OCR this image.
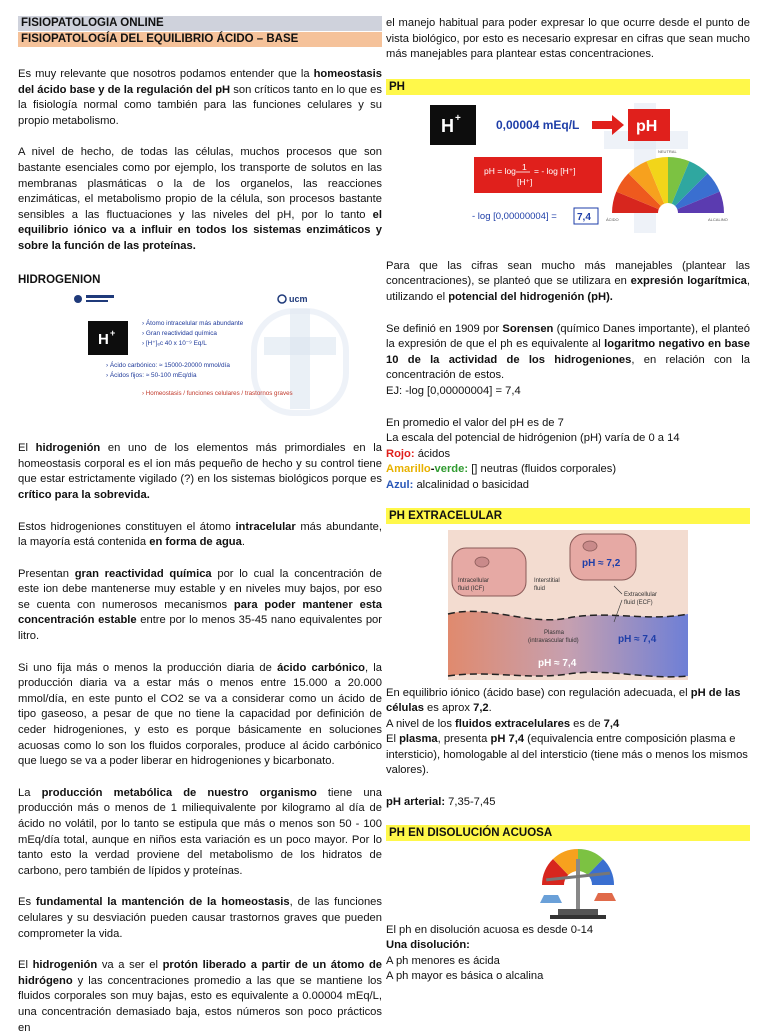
FISIOPATOLOGIA ONLINE
FISIOPATOLOGÍA DEL EQUILIBRIO ÁCIDO – BASE

Es muy relevante que nosotros podamos entender que la homeostasis del ácido base y de la regulación del pH son críticos tanto en lo que es la fisiología normal como también para las funciones celulares y su propio metabolismo.

A nivel de hecho, de todas las células, muchos procesos que son bastante esenciales como por ejemplo, los transporte de solutos en las membranas plasmáticas o la de los organelos, las reacciones enzimáticas, el metabolismo propio de la célula, son procesos bastante sensibles a las fluctuaciones y las niveles del pH, por lo tanto el equilibrio iónico va a influir en todos los sistemas enzimáticos y sobre la función de las proteínas.

HIDROGENION
ucm
H +
› Átomo intracelular más abundante
› Gran reactividad química
› [H⁺]ₑc 40 x 10⁻⁹ Eq/L
› Ácido carbónico: ≈ 15000-20000 mmol/día
› Ácidos fijos: ≈ 50-100 mEq/día
› Homeostasis / funciones celulares / trastornos graves

El hidrogenión en uno de los elementos más primordiales en la homeostasis corporal es el ion más pequeño de hecho y su control tiene que estar estrictamente vigilado (?) en los sistemas biológicos porque es crítico para la sobrevida.

Estos hidrogeniones constituyen el átomo intracelular más abundante, la mayoría está contenida en forma de agua.

Presentan gran reactividad química por lo cual la concentración de este ion debe mantenerse muy estable y en niveles muy bajos, por eso se cuenta con numerosos mecanismos para poder mantener esta concentración estable entre por lo menos 35-45 nano equivalentes por litro.

Si uno fija más o menos la producción diaria de ácido carbónico, la producción diaria va a estar más o menos entre 15.000 a 20.000 mmol/día, en este punto el CO2 se va a considerar como un ácido de tipo gaseoso, a pesar de que no tiene la capacidad por definición de ceder hidrogeniones, y esto es porque básicamente en soluciones acuosas como lo son los fluidos corporales, produce al ácido carbónico que luego se va a poder liberar en hidrogeniones y bicarbonato.

La producción metabólica de nuestro organismo tiene una producción más o menos de 1 miliequivalente por kilogramo al día de ácido no volátil, por lo tanto se estipula que más o menos son 50 - 100 mEq/día total, aunque en niños esta variación es un poco mayor. Por lo tanto esto la verdad proviene del metabolismo de los hidratos de carbono, pero también de lípidos y proteínas.

Es fundamental la mantención de la homeostasis, de las funciones celulares y su desviación pueden causar trastornos graves que pueden comprometer la vida.

El hidrogenión va a ser el protón liberado a partir de un átomo de hidrógeno y las concentraciones promedio a las que se mantiene los fluidos corporales son muy bajas, esto es equivalente a 0.00004 mEq/L, una concentración demasiado baja, estos números son poco prácticos en

el manejo habitual para poder expresar lo que ocurre desde el punto de vista biológico, por esto es necesario expresar en cifras que sean mucho más manejables para plantear estas concentraciones.

PH
H +	0,00004 mEq/L	pH
pH = log 1 = - log [H⁺]
[H⁺]
- log [0,00000004] = 7,4
NEUTRAL
ÁCIDO	ALCALINO

Para que las cifras sean mucho más manejables (plantear las concentraciones), se planteó que se utilizara en expresión logarítmica, utilizando el potencial del hidrogenión (pH).

Se definió en 1909 por Sorensen (químico Danes importante), el planteó la expresión de que el ph es equivalente al logaritmo negativo en base 10 de la actividad de los hidrogeniones, en relación con la concentración de estos.
EJ: -log [0,00000004] = 7,4

En promedio el valor del pH es de 7
La escala del potencial de hidrógenion (pH) varía de 0 a 14
Rojo: ácidos
Amarillo-verde: [] neutras (fluidos corporales)
Azul: alcalinidad o basicidad

PH EXTRACELULAR
Intracellular
fluid (ICF)
pH ≈ 7,2
Interstitial
fluid
Extracellular
fluid (ECF)
Plasma
(intravascular fluid)	pH ≈ 7,4
pH ≈ 7,4

En equilibrio iónico (ácido base) con regulación adecuada, el pH de las células es aprox 7,2.
A nivel de los fluidos extracelulares es de 7,4
El plasma, presenta pH 7,4 (equivalencia entre composición plasma e intersticio), homologable al del intersticio (tiene más o menos los mismos valores).

pH arterial: 7,35-7,45

PH EN DISOLUCIÓN ACUOSA

El ph en disolución acuosa es desde 0-14
Una disolución:
A ph menores es ácida
A ph mayor es básica o alcalina
